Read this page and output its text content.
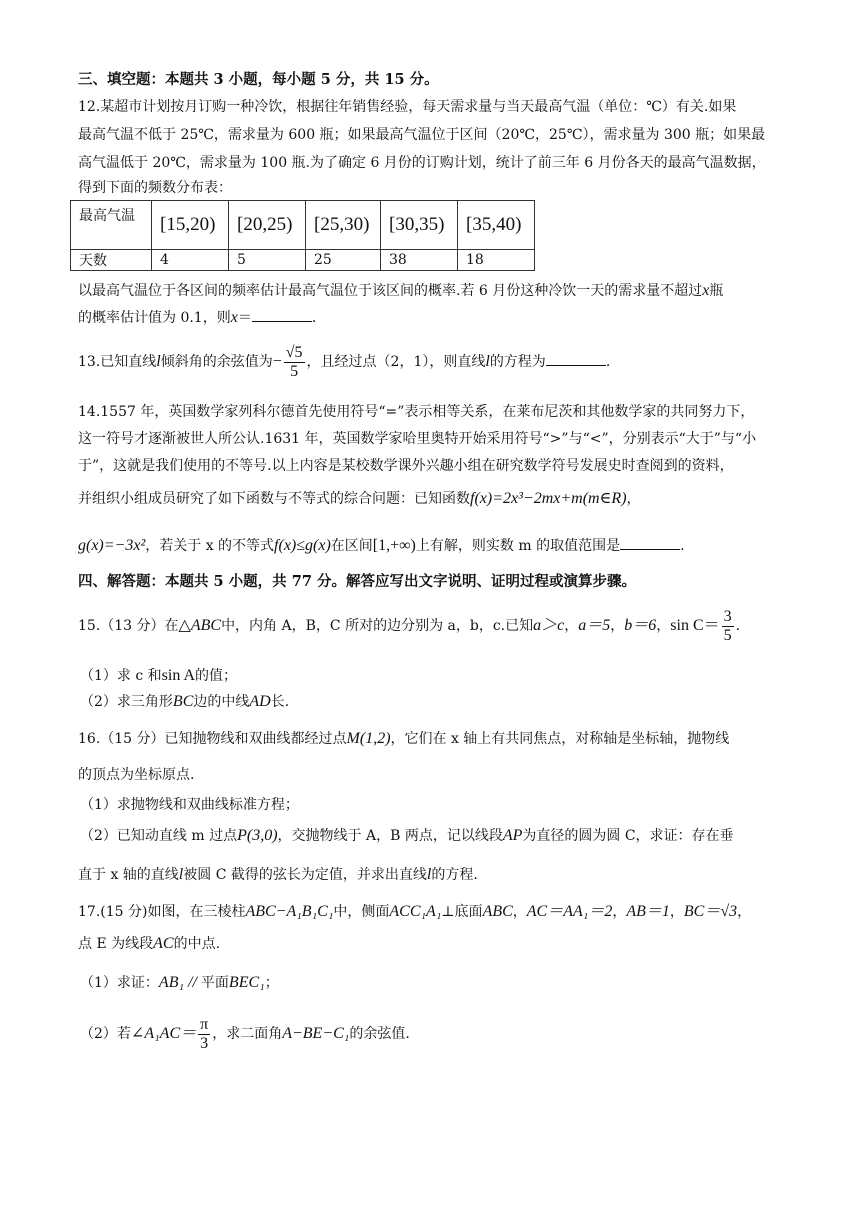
三、填空题：本题共 3 小题，每小题 5 分，共 15 分。
12.某超市计划按月订购一种冷饮，根据往年销售经验，每天需求量与当天最高气温（单位：℃）有关.如果
最高气温不低于 25℃，需求量为 600 瓶；如果最高气温位于区间（20℃，25℃），需求量为 300 瓶；如果最
高气温低于 20℃，需求量为 100 瓶.为了确定 6 月份的订购计划，统计了前三年 6 月份各天的最高气温数据，
得到下面的频数分布表：
最高气温	[15,20)	[20,25)	[25,30)	[30,35)	[35,40)
天数	4	5	25	38	18
以最高气温位于各区间的频率估计最高气温位于该区间的概率.若 6 月份这种冷饮一天的需求量不超过x瓶
的概率估计值为 0.1，则x＝	.
13.已知直线l倾斜角的余弦值为− $\frac{√5}{5}$ ，且经过点（2，1），则直线l的方程为	.
14.1557 年，英国数学家列科尔德首先使用符号“=”表示相等关系，在莱布尼茨和其他数学家的共同努力下，
这一符号才逐渐被世人所公认.1631 年，英国数学家哈里奥特开始采用符号“>”与“<”，分别表示“大于”与“小
于”，这就是我们使用的不等号.以上内容是某校数学课外兴趣小组在研究数学符号发展史时查阅到的资料，
并组织小组成员研究了如下函数与不等式的综合问题：已知函数f(x)=2x³−2mx+m(m∈R)，
g(x)=−3x²，若关于 x 的不等式f(x)≤g(x)在区间[1,+∞)上有解，则实数 m 的取值范围是	.
四、解答题：本题共 5 小题，共 77 分。解答应写出文字说明、证明过程或演算步骤。
15.（13 分）在△ABC中，内角 A，B，C 所对的边分别为 a，b，c.已知a＞c，a＝5，b＝6，$\sin C= \frac{3}{5}$ .
（1）求 c 和sin A的值；
（2）求三角形BC边的中线AD长.
16.（15 分）已知抛物线和双曲线都经过点M(1,2)，它们在 x 轴上有共同焦点，对称轴是坐标轴，抛物线
的顶点为坐标原点.
（1）求抛物线和双曲线标准方程；
（2）已知动直线 m 过点P(3,0)，交抛物线于 A，B 两点，记以线段AP为直径的圆为圆 C，求证：存在垂
直于 x 轴的直线l被圆 C 截得的弦长为定值，并求出直线l的方程.
17.(15 分)如图，在三棱柱ABC−A₁B₁C₁中，侧面ACC₁A₁⊥底面ABC，AC＝AA₁＝2，AB＝1，BC＝√3，
点 E 为线段AC的中点.
（1）求证：AB₁ // 平面BEC₁；
（2）若∠A₁AC＝ $\frac{\pi}{3}$ ，求二面角A−BE−C₁的余弦值.
